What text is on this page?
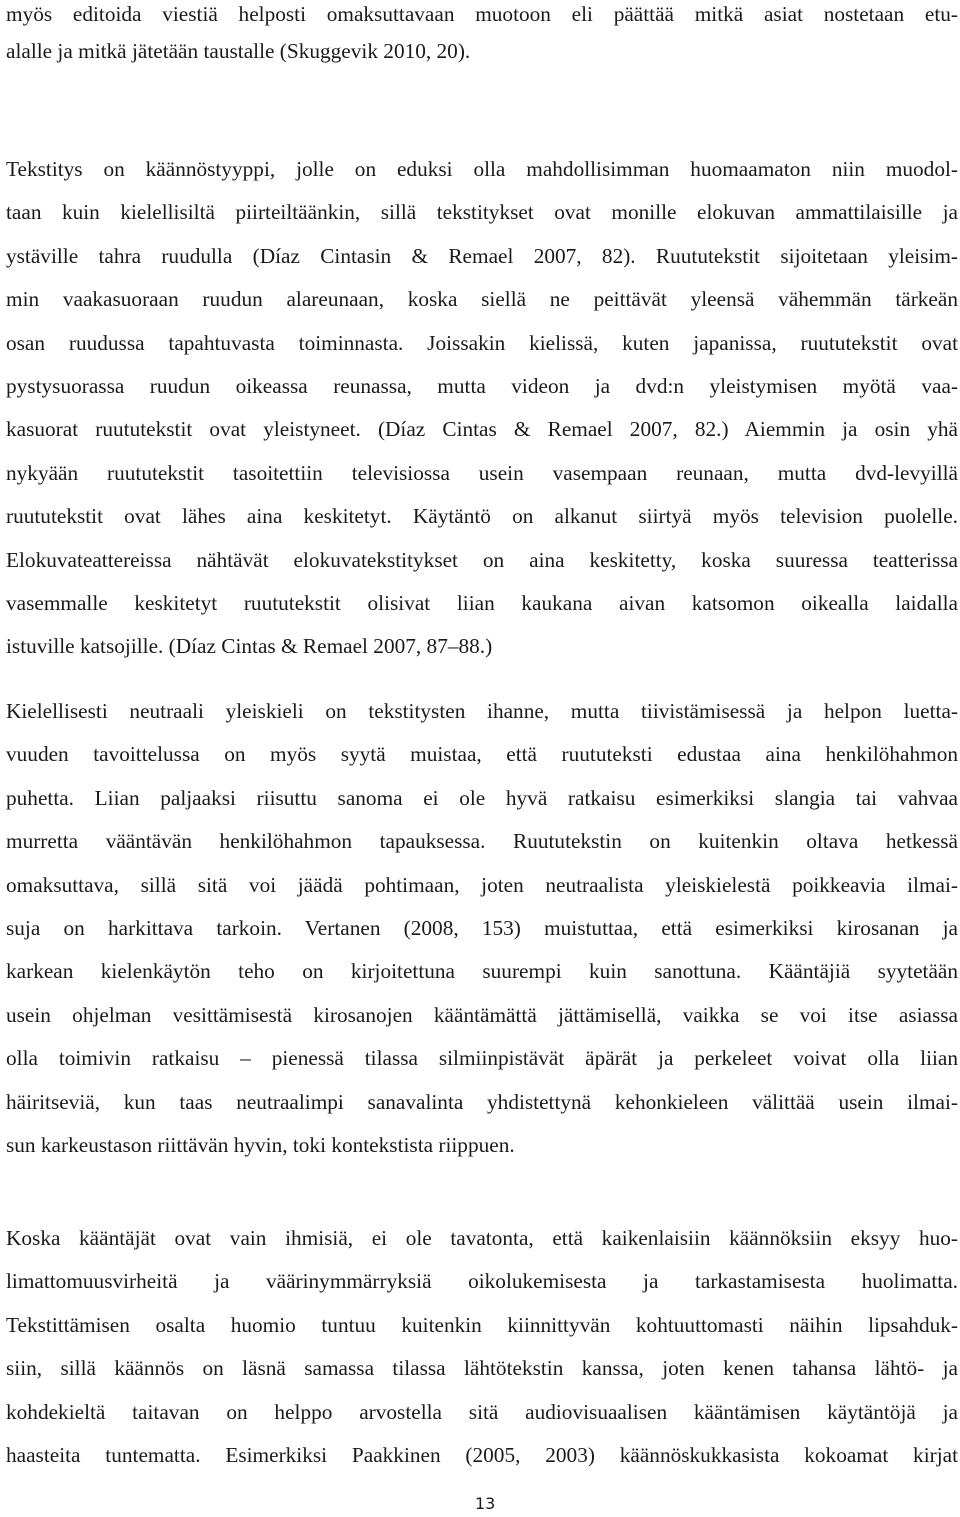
myös editoida viestiä helposti omaksuttavaan muotoon eli päättää mitkä asiat nostetaan etu-
alalle ja mitkä jätetään taustalle (Skuggevik 2010, 20).
Tekstitys on käännöstyyppi, jolle on eduksi olla mahdollisimman huomaamaton niin muodol-
taan kuin kielellisiltä piirteiltäänkin, sillä tekstitykset ovat monille elokuvan ammattilaisille ja
ystäville tahra ruudulla (Díaz Cintasin & Remael 2007, 82). Ruututekstit sijoitetaan yleisim-
min vaakasuoraan ruudun alareunaan, koska siellä ne peittävät yleensä vähemmän tärkeän
osan ruudussa tapahtuvasta toiminnasta. Joissakin kielissä, kuten japanissa, ruututekstit ovat
pystysuorassa ruudun oikeassa reunassa, mutta videon ja dvd:n yleistymisen myötä vaa-
kasuorat ruututekstit ovat yleistyneet. (Díaz Cintas & Remael 2007, 82.) Aiemmin ja osin yhä
nykyään ruututekstit tasoitettiin televisiossa usein vasempaan reunaan, mutta dvd-levyillä
ruututekstit ovat lähes aina keskitetyt. Käytäntö on alkanut siirtyä myös television puolelle.
Elokuvateattereissa nähtävät elokuvatekstitykset on aina keskitetty, koska suuressa teatterissa
vasemmalle keskitetyt ruututekstit olisivat liian kaukana aivan katsomon oikealla laidalla
istuville katsojille. (Díaz Cintas & Remael 2007, 87–88.)
Kielellisesti neutraali yleiskieli on tekstitysten ihanne, mutta tiivistämisessä ja helpon luetta-
vuuden tavoittelussa on myös syytä muistaa, että ruututeksti edustaa aina henkilöhahmon
puhetta. Liian paljaaksi riisuttu sanoma ei ole hyvä ratkaisu esimerkiksi slangia tai vahvaa
murretta vääntävän henkilöhahmon tapauksessa. Ruututekstin on kuitenkin oltava hetkessä
omaksuttava, sillä sitä voi jäädä pohtimaan, joten neutraalista yleiskielestä poikkeavia ilmai-
suja on harkittava tarkoin. Vertanen (2008, 153) muistuttaa, että esimerkiksi kirosanan ja
karkean kielenkäytön teho on kirjoitettuna suurempi kuin sanottuna. Kääntäjiä syytetään
usein ohjelman vesittämisestä kirosanojen kääntämättä jättämisellä, vaikka se voi itse asiassa
olla toimivin ratkaisu – pienessä tilassa silmiinpistävät äpärät ja perkeleet voivat olla liian
häiritseviä, kun taas neutraalimpi sanavalinta yhdistettynä kehonkieleen välittää usein ilmai-
sun karkeustason riittävän hyvin, toki kontekstista riippuen.
Koska kääntäjät ovat vain ihmisiä, ei ole tavatonta, että kaikenlaisiin käännöksiin eksyy huo-
limattomuusvirheitä ja väärinymmärryksiä oikolukemisesta ja tarkastamisesta huolimatta.
Tekstittämisen osalta huomio tuntuu kuitenkin kiinnittyvän kohtuuttomasti näihin lipsahduk-
siin, sillä käännös on läsnä samassa tilassa lähtötekstin kanssa, joten kenen tahansa lähtö- ja
kohdekieltä taitavan on helppo arvostella sitä audiovisuaalisen kääntämisen käytäntöjä ja
haasteita tuntematta. Esimerkiksi Paakkinen (2005, 2003) käännöskukkasista kokoamat kirjat
13
